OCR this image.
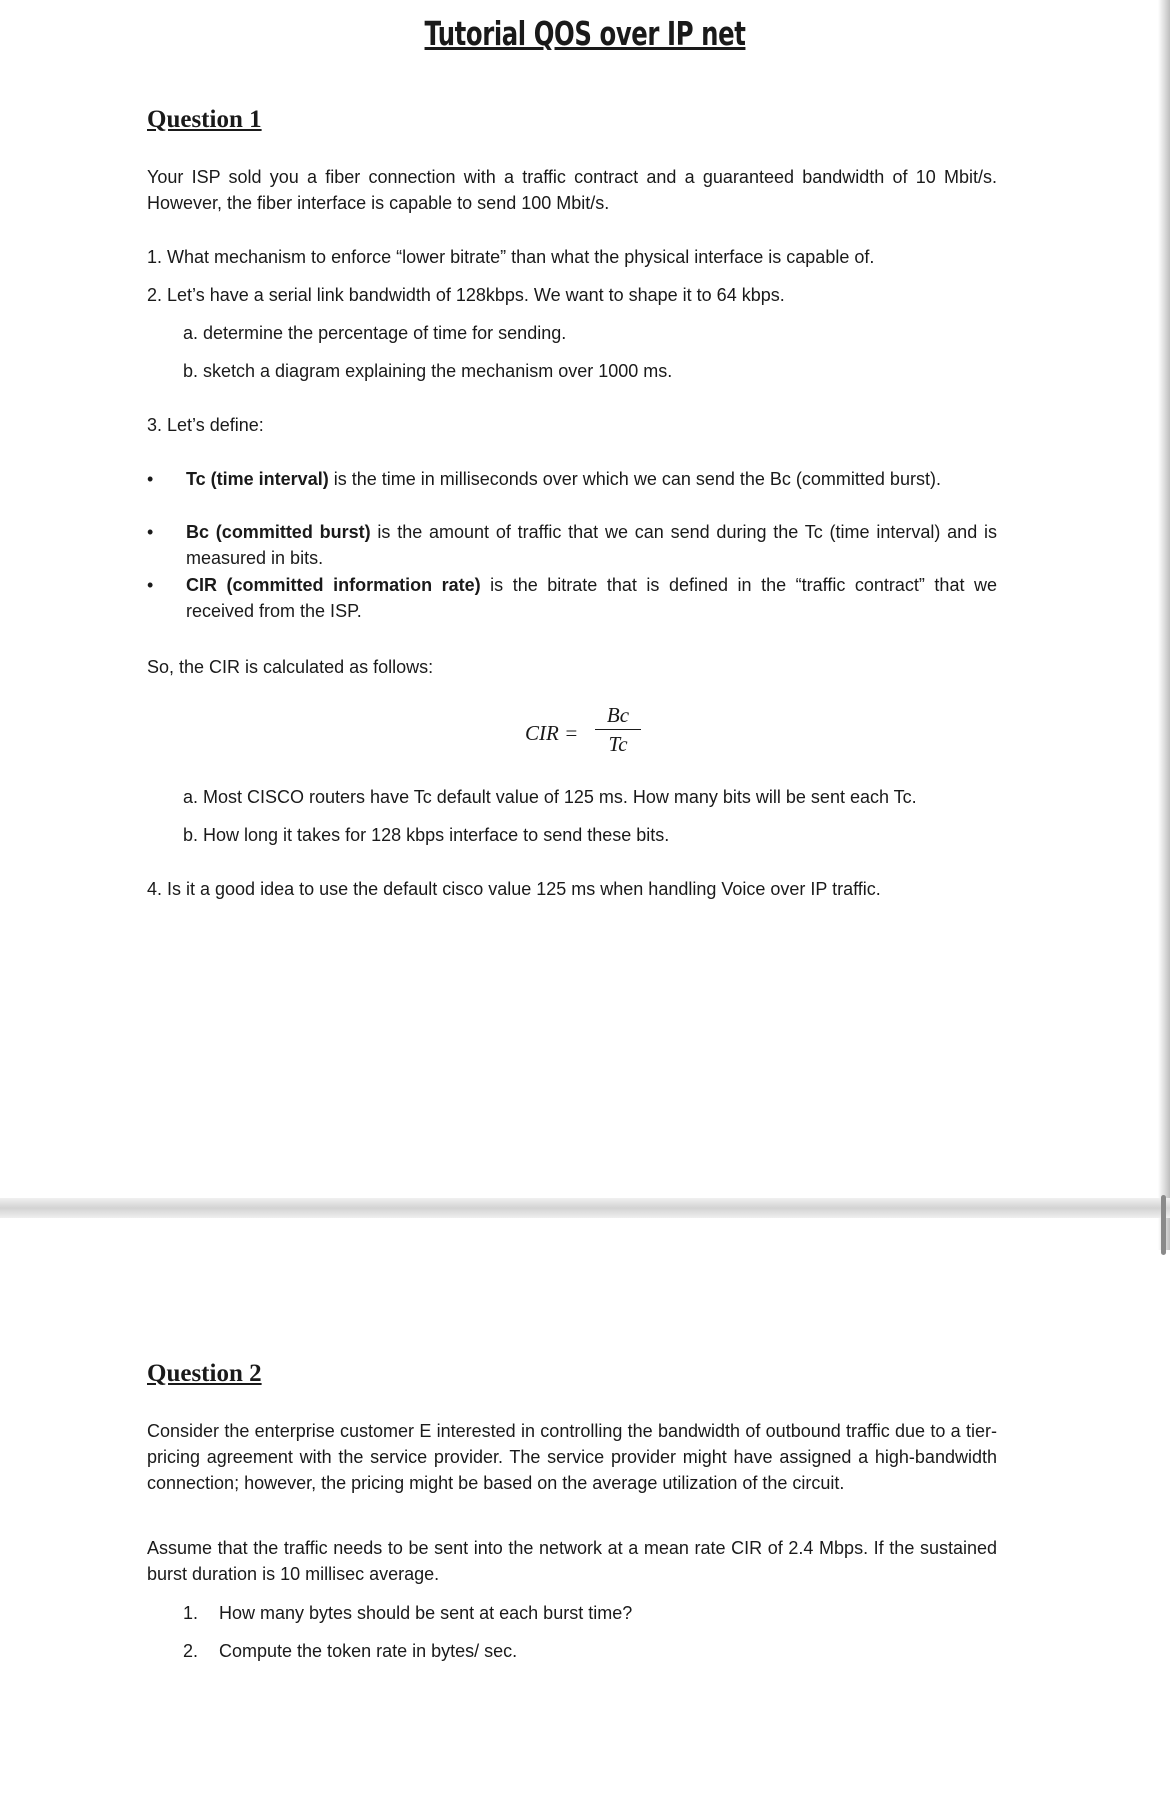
Tutorial QOS over IP net
Question 1
Your ISP sold you a fiber connection with a traffic contract and a guaranteed bandwidth of 10 Mbit/s. However, the fiber interface is capable to send 100 Mbit/s.
1. What mechanism to enforce “lower bitrate” than what the physical interface is capable of.
2. Let’s have a serial link bandwidth of 128kbps. We want to shape it to 64 kbps.
a. determine the percentage of time for sending.
b. sketch a diagram explaining the mechanism over 1000 ms.
3. Let’s define:
•	Tc (time interval) is the time in milliseconds over which we can send the Bc (committed burst).
•	Bc (committed burst) is the amount of traffic that we can send during the Tc (time interval) and is measured in bits.
•	CIR (committed information rate) is the bitrate that is defined in the “traffic contract” that we received from the ISP.
So, the CIR is calculated as follows:
CIR =
Bc
Tc
a. Most CISCO routers have Tc default value of 125 ms. How many bits will be sent each Tc.
b. How long it takes for 128 kbps interface to send these bits.
4. Is it a good idea to use the default cisco value 125 ms when handling Voice over IP traffic.
Question 2
Consider the enterprise customer E interested in controlling the bandwidth of outbound traffic due to a tier-pricing agreement with the service provider. The service provider might have assigned a high-bandwidth connection; however, the pricing might be based on the average utilization of the circuit.
Assume that the traffic needs to be sent into the network at a mean rate CIR of 2.4 Mbps. If the sustained burst duration is 10 millisec average.
1. How many bytes should be sent at each burst time?
2. Compute the token rate in bytes/ sec.
